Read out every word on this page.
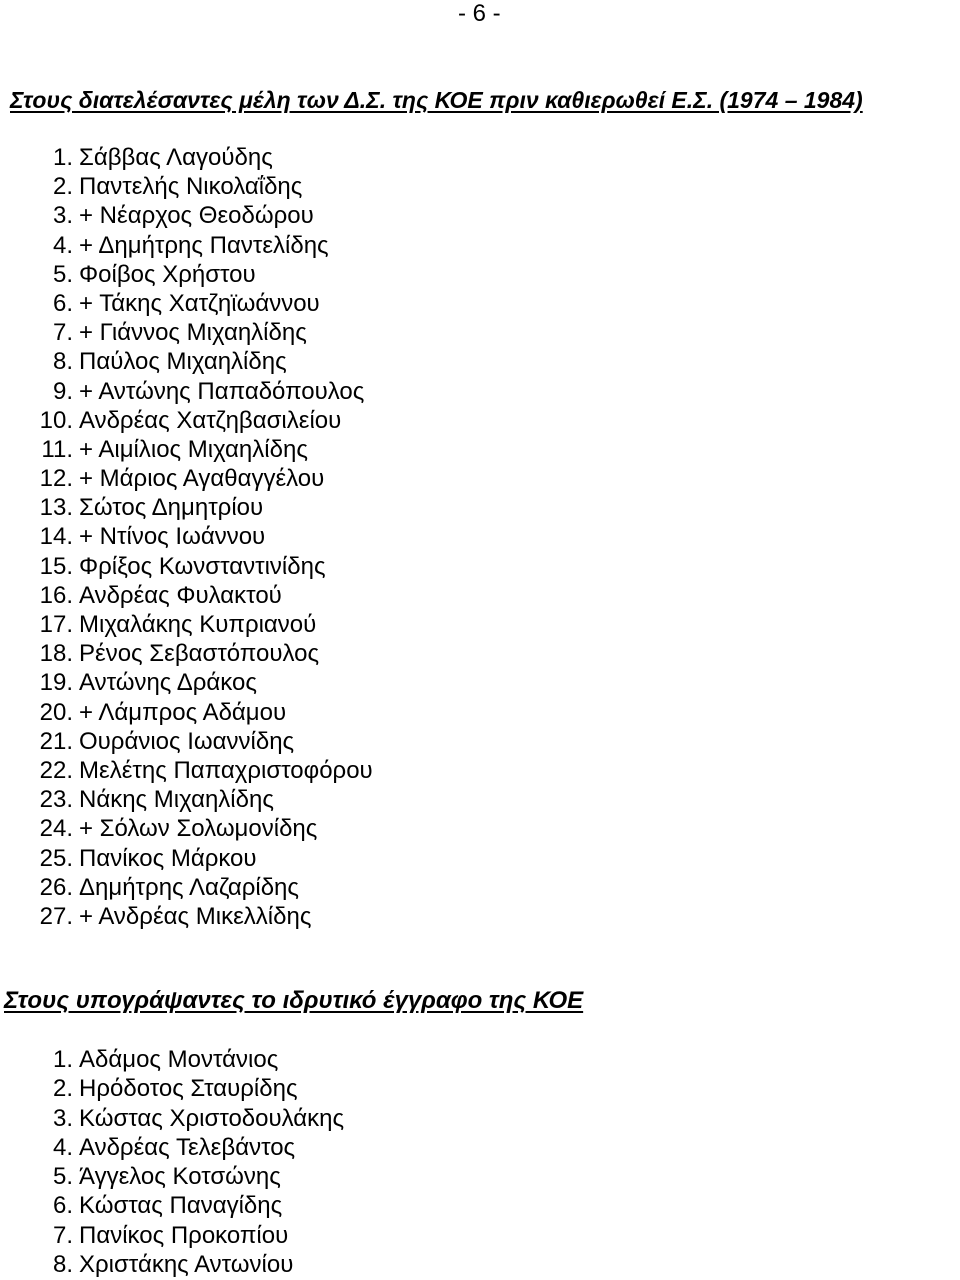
- 6 -
Στους διατελέσαντες μέλη των Δ.Σ. της ΚΟΕ πριν καθιερωθεί Ε.Σ. (1974 – 1984)
1. Σάββας Λαγούδης
2. Παντελής Νικολαΐδης
3. + Νέαρχος Θεοδώρου
4. + Δημήτρης Παντελίδης
5. Φοίβος Χρήστου
6. + Τάκης Χατζηϊωάννου
7. + Γιάννος Μιχαηλίδης
8. Παύλος Μιχαηλίδης
9. + Αντώνης Παπαδόπουλος
10. Ανδρέας Χατζηβασιλείου
11. + Αιμίλιος Μιχαηλίδης
12. + Μάριος Αγαθαγγέλου
13. Σώτος Δημητρίου
14. + Ντίνος Ιωάννου
15. Φρίξος Κωνσταντινίδης
16. Ανδρέας Φυλακτού
17. Μιχαλάκης Κυπριανού
18. Ρένος Σεβαστόπουλος
19. Αντώνης Δράκος
20. + Λάμπρος Αδάμου
21. Ουράνιος Ιωαννίδης
22. Μελέτης Παπαχριστοφόρου
23. Νάκης Μιχαηλίδης
24. + Σόλων Σολωμονίδης
25. Πανίκος Μάρκου
26. Δημήτρης Λαζαρίδης
27. + Ανδρέας Μικελλίδης
Στους υπογράψαντες το ιδρυτικό έγγραφο της ΚΟΕ
1. Αδάμος Μοντάνιος
2. Ηρόδοτος Σταυρίδης
3. Κώστας Χριστοδουλάκης
4. Ανδρέας Τελεβάντος
5. Άγγελος Κοτσώνης
6. Κώστας Παναγίδης
7. Πανίκος Προκοπίου
8. Χριστάκης Αντωνίου
